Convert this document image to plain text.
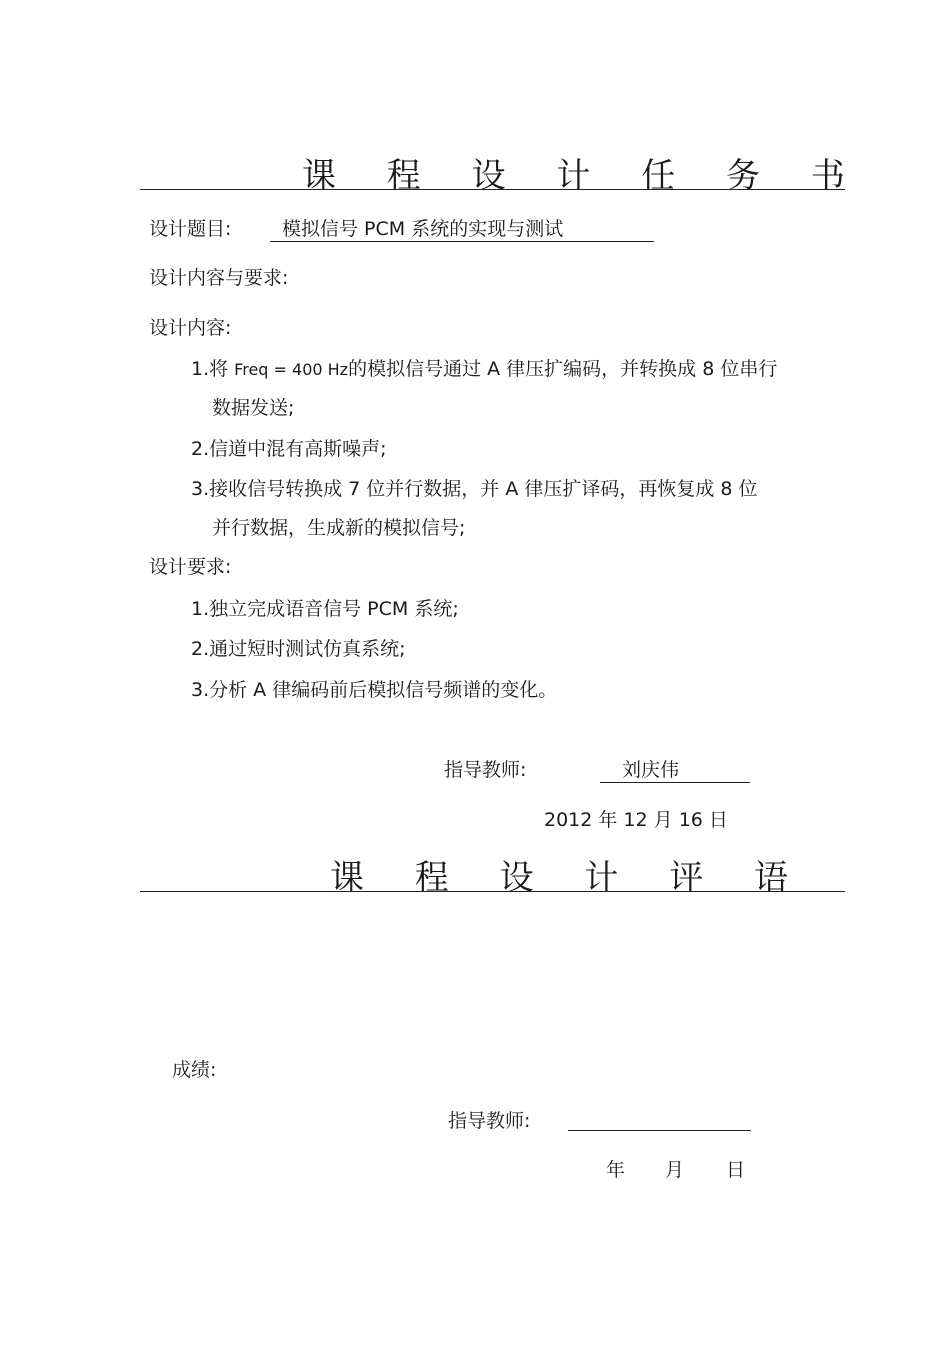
课 程 设 计 任 务 书
设计题目:	模拟信号 PCM 系统的实现与测试
设计内容与要求:
设计内容:
1.将 Freq = 400 Hz的模拟信号通过 A 律压扩编码，并转换成 8 位串行
数据发送;
2.信道中混有高斯噪声;
3.接收信号转换成 7 位并行数据，并 A 律压扩译码，再恢复成 8 位
并行数据，生成新的模拟信号;
设计要求:
1.独立完成语音信号 PCM 系统;
2.通过短时测试仿真系统;
3.分析 A 律编码前后模拟信号频谱的变化。
指导教师:	刘庆伟
2012 年 12 月 16 日
课 程 设 计 评 语
成绩:
指导教师:
年 月 日
